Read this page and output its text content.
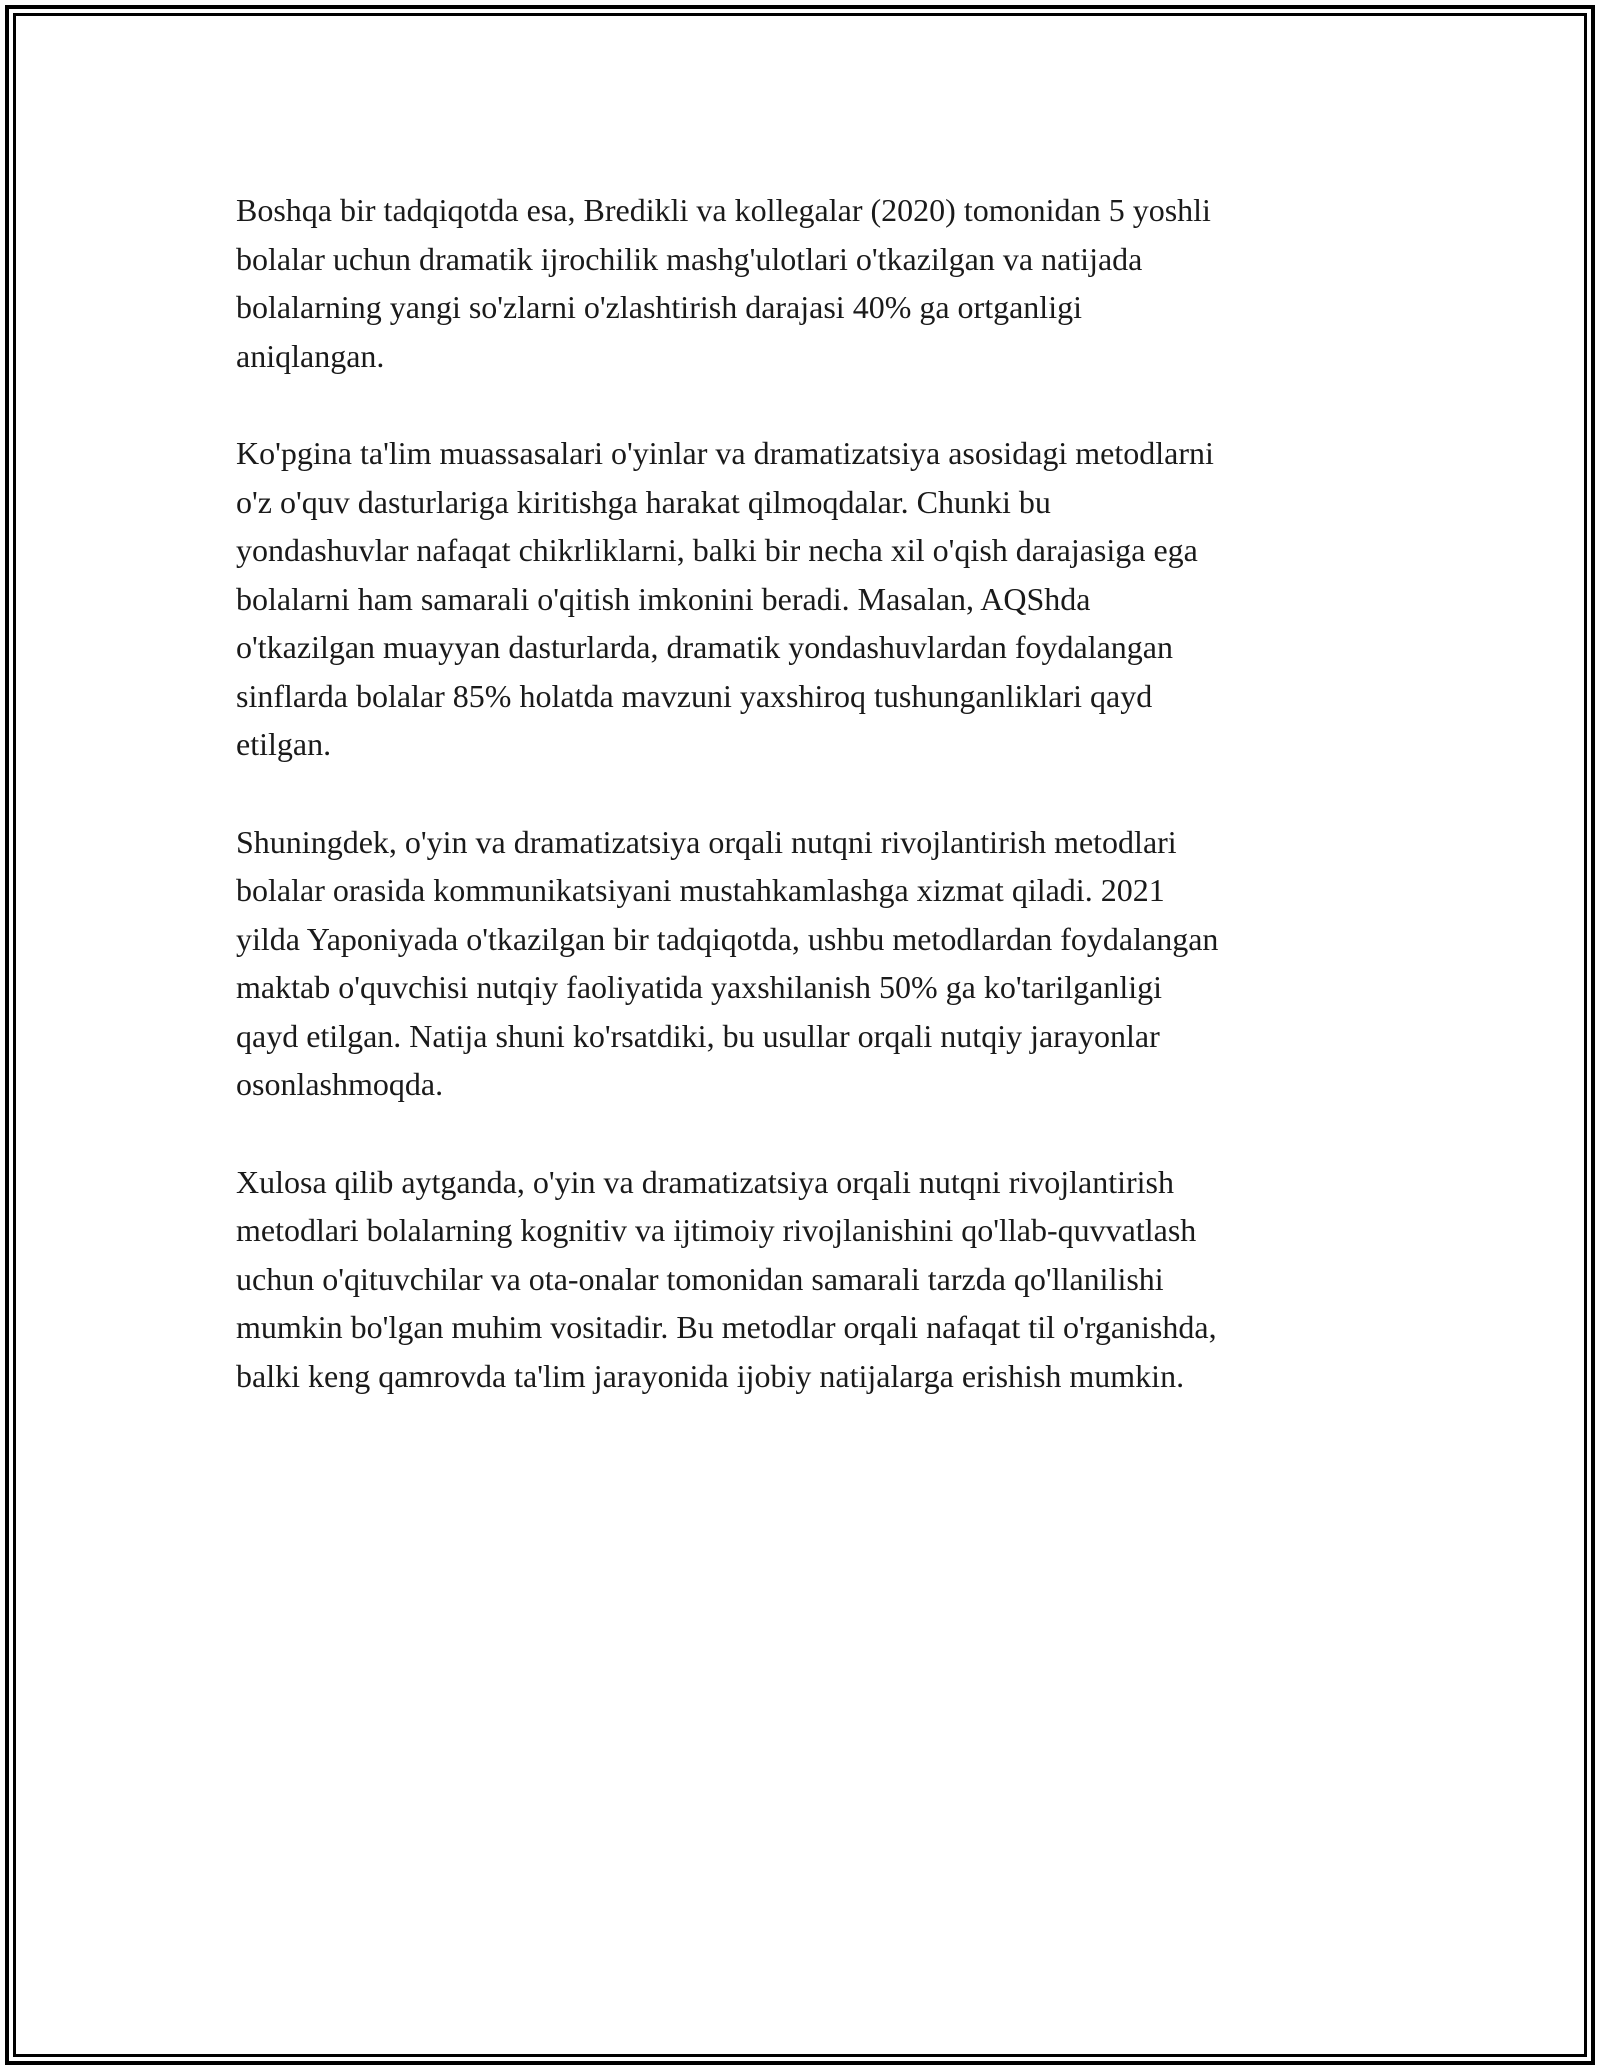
Boshqa bir tadqiqotda esa, Bredikli va kollegalar (2020) tomonidan 5 yoshli
bolalar uchun dramatik ijrochilik mashg'ulotlari o'tkazilgan va natijada
bolalarning yangi so'zlarni o'zlashtirish darajasi 40% ga ortganligi
aniqlangan.

Ko'pgina ta'lim muassasalari o'yinlar va dramatizatsiya asosidagi metodlarni
o'z o'quv dasturlariga kiritishga harakat qilmoqdalar. Chunki bu
yondashuvlar nafaqat chikrliklarni, balki bir necha xil o'qish darajasiga ega
bolalarni ham samarali o'qitish imkonini beradi. Masalan, AQShda
o'tkazilgan muayyan dasturlarda, dramatik yondashuvlardan foydalangan
sinflarda bolalar 85% holatda mavzuni yaxshiroq tushunganliklari qayd
etilgan.

Shuningdek, o'yin va dramatizatsiya orqali nutqni rivojlantirish metodlari
bolalar orasida kommunikatsiyani mustahkamlashga xizmat qiladi. 2021
yilda Yaponiyada o'tkazilgan bir tadqiqotda, ushbu metodlardan foydalangan
maktab o'quvchisi nutqiy faoliyatida yaxshilanish 50% ga ko'tarilganligi
qayd etilgan. Natija shuni ko'rsatdiki, bu usullar orqali nutqiy jarayonlar
osonlashmoqda.

Xulosa qilib aytganda, o'yin va dramatizatsiya orqali nutqni rivojlantirish
metodlari bolalarning kognitiv va ijtimoiy rivojlanishini qo'llab-quvvatlash
uchun o'qituvchilar va ota-onalar tomonidan samarali tarzda qo'llanilishi
mumkin bo'lgan muhim vositadir. Bu metodlar orqali nafaqat til o'rganishda,
balki keng qamrovda ta'lim jarayonida ijobiy natijalarga erishish mumkin.
